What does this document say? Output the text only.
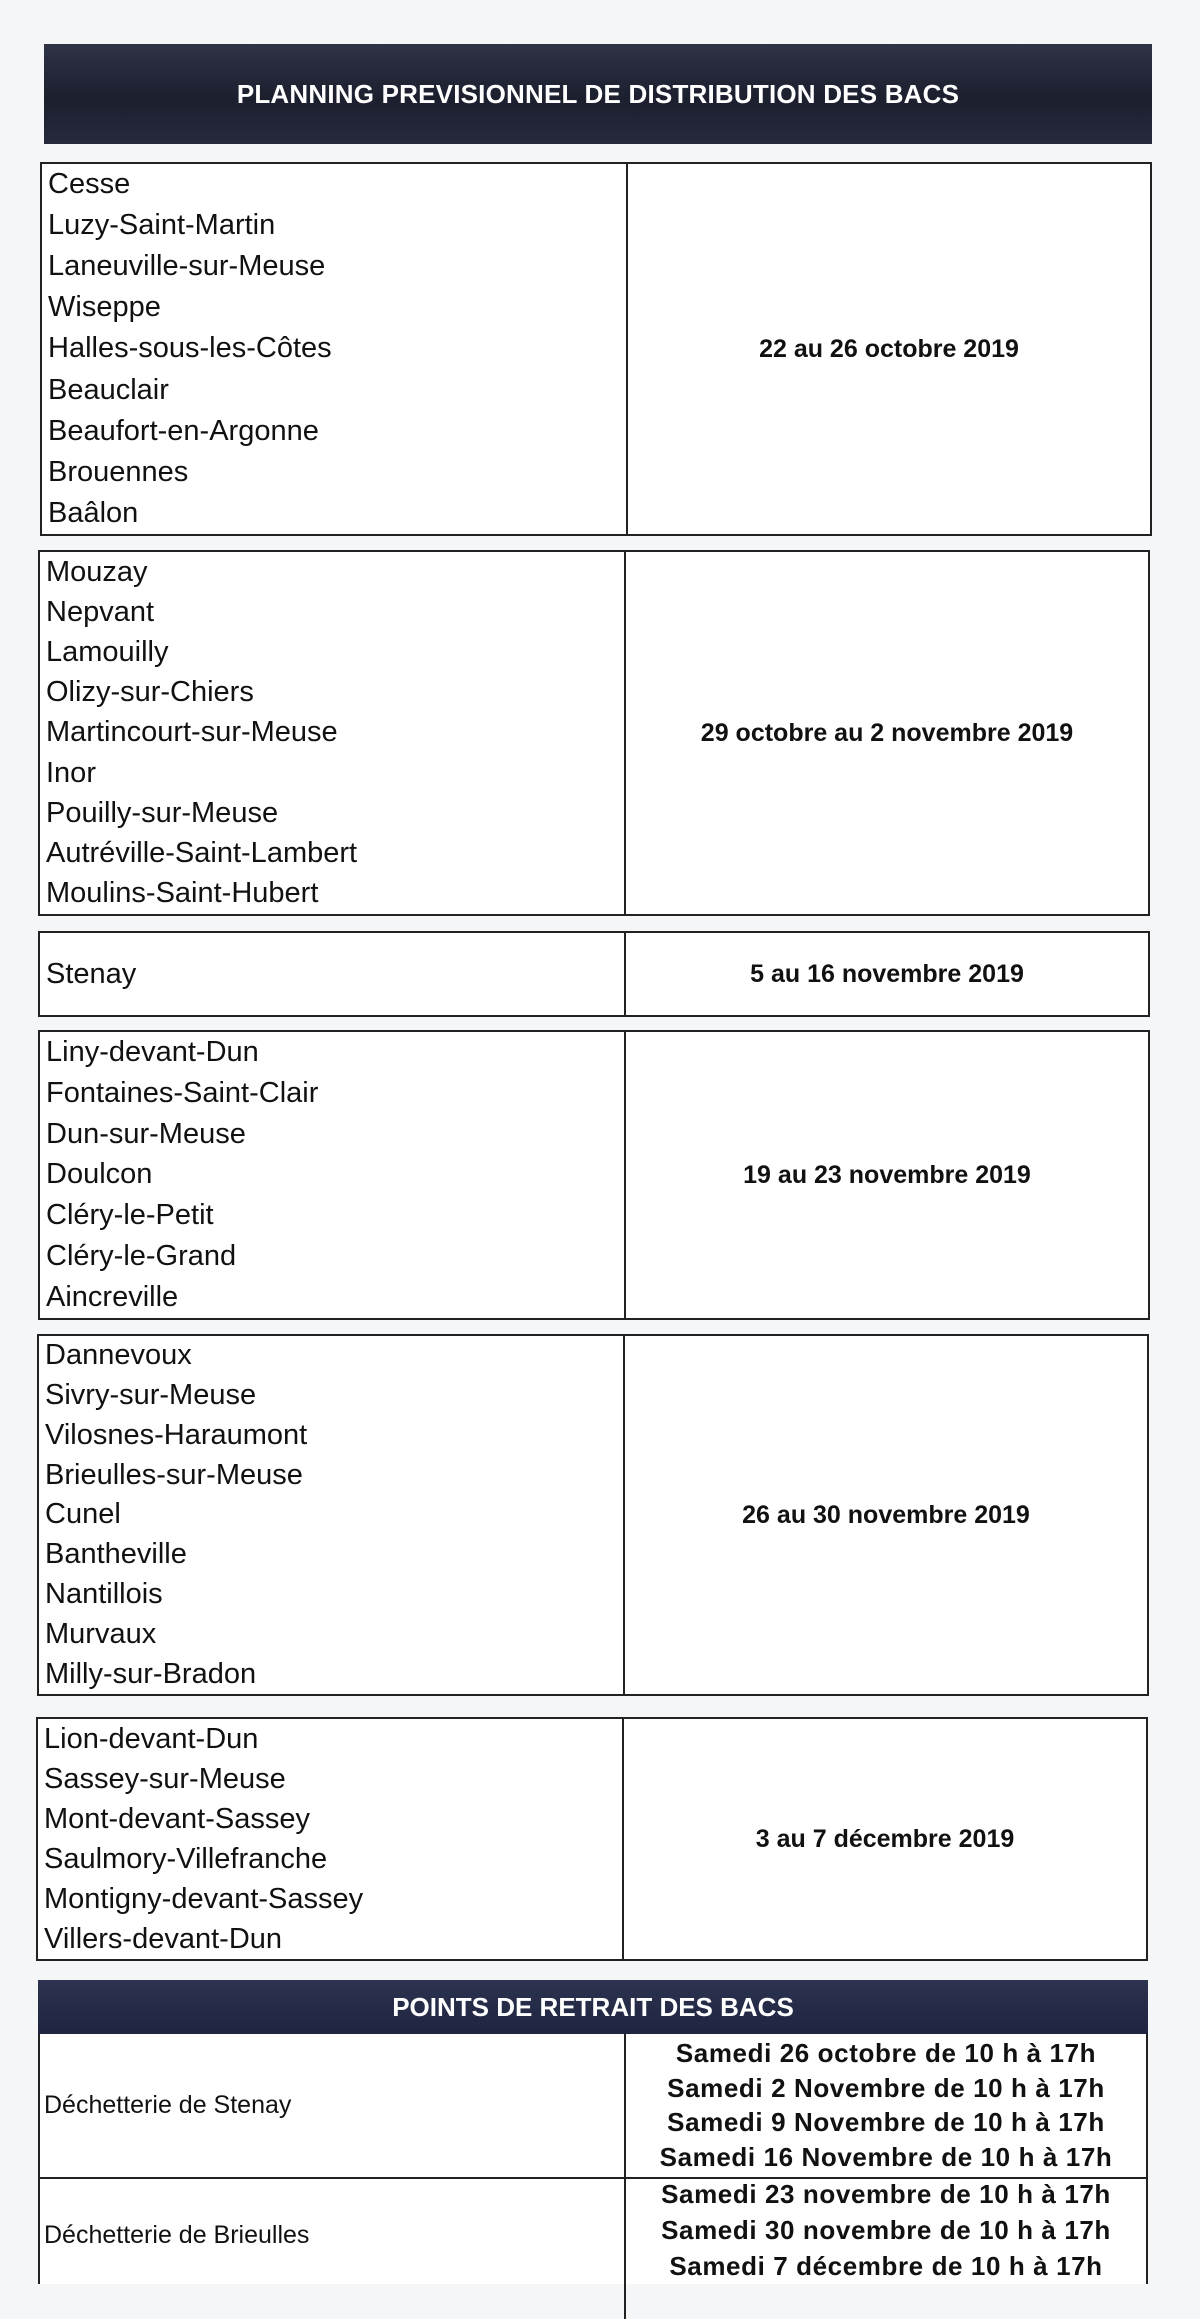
PLANNING PREVISIONNEL DE DISTRIBUTION DES BACS
Cesse
Luzy-Saint-Martin
Laneuville-sur-Meuse
Wiseppe
Halles-sous-les-Côtes
Beauclair
Beaufort-en-Argonne
Brouennes
Baâlon
22 au 26 octobre 2019
Mouzay
Nepvant
Lamouilly
Olizy-sur-Chiers
Martincourt-sur-Meuse
Inor
Pouilly-sur-Meuse
Autréville-Saint-Lambert
Moulins-Saint-Hubert
29 octobre au 2 novembre 2019
Stenay	5 au 16 novembre 2019
Liny-devant-Dun
Fontaines-Saint-Clair
Dun-sur-Meuse
Doulcon
Cléry-le-Petit
Cléry-le-Grand
Aincreville
19 au 23 novembre 2019
Dannevoux
Sivry-sur-Meuse
Vilosnes-Haraumont
Brieulles-sur-Meuse
Cunel
Bantheville
Nantillois
Murvaux
Milly-sur-Bradon
26 au 30 novembre 2019
Lion-devant-Dun
Sassey-sur-Meuse
Mont-devant-Sassey
Saulmory-Villefranche
Montigny-devant-Sassey
Villers-devant-Dun
3 au 7 décembre 2019
POINTS DE RETRAIT DES BACS
Déchetterie de Stenay
Samedi 26 octobre de 10 h à 17h
Samedi 2 Novembre de 10 h à 17h
Samedi 9 Novembre de 10 h à 17h
Samedi 16 Novembre de 10 h à 17h
Déchetterie de Brieulles
Samedi 23 novembre de 10 h à 17h
Samedi 30 novembre de 10 h à 17h
Samedi 7 décembre de 10 h à 17h
